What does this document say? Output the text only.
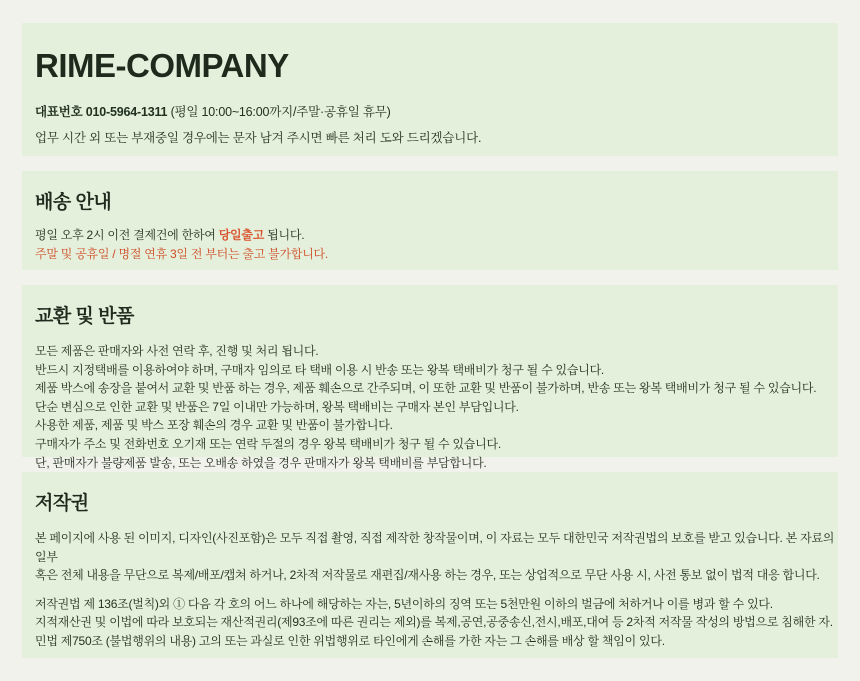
RIME-COMPANY
대표번호 010-5964-1311 (평일 10:00~16:00까지/주말·공휴일 휴무)
업무 시간 외 또는 부재중일 경우에는 문자 남겨 주시면 빠른 처리 도와 드리겠습니다.
배송 안내
평일 오후 2시 이전 결제건에 한하여 당일출고 됩니다.
주말 및 공휴일 / 명절 연휴 3일 전 부터는 출고 불가합니다.
교환 및 반품
모든 제품은 판매자와 사전 연락 후, 진행 및 처리 됩니다.
반드시 지정택배를 이용하여야 하며, 구매자 임의로 타 택배 이용 시 반송 또는 왕복 택배비가 청구 될 수 있습니다.
제품 박스에 송장을 붙여서 교환 및 반품 하는 경우, 제품 훼손으로 간주되며, 이 또한 교환 및 반품이 불가하며, 반송 또는 왕복 택배비가 청구 될 수 있습니다.
단순 변심으로 인한 교환 및 반품은 7일 이내만 가능하며, 왕복 택배비는 구매자 본인 부담입니다.
사용한 제품, 제품 및 박스 포장 훼손의 경우 교환 및 반품이 불가합니다.
구매자가 주소 및 전화번호 오기재 또는 연락 두절의 경우 왕복 택배비가 청구 될 수 있습니다.
단, 판매자가 불량제품 발송, 또는 오배송 하였을 경우 판매자가 왕복 택배비를 부담합니다.
저작권
본 페이지에 사용 된 이미지, 디자인(사진포함)은 모두 직접 촬영, 직접 제작한 창작물이며, 이 자료는 모두 대한민국 저작권법의 보호를 받고 있습니다. 본 자료의 일부
혹은 전체 내용을 무단으로 복제/배포/캡쳐 하거나, 2차적 저작물로 재편집/재사용 하는 경우, 또는 상업적으로 무단 사용 시, 사전 통보 없이 법적 대응 합니다.
저작권법 제 136조(벌칙)외 ① 다음 각 호의 어느 하나에 해당하는 자는, 5년이하의 징역 또는 5천만원 이하의 벌금에 처하거나 이를 병과 할 수 있다.
지적재산권 및 이법에 따라 보호되는 재산적권리(제93조에 따른 권리는 제외)를 복제,공연,공중송신,전시,배포,대여 등 2차적 저작물 작성의 방법으로 침해한 자.
민법 제750조 (불법행위의 내용) 고의 또는 과실로 인한 위법행위로 타인에게 손해를 가한 자는 그 손해를 배상 할 책임이 있다.
